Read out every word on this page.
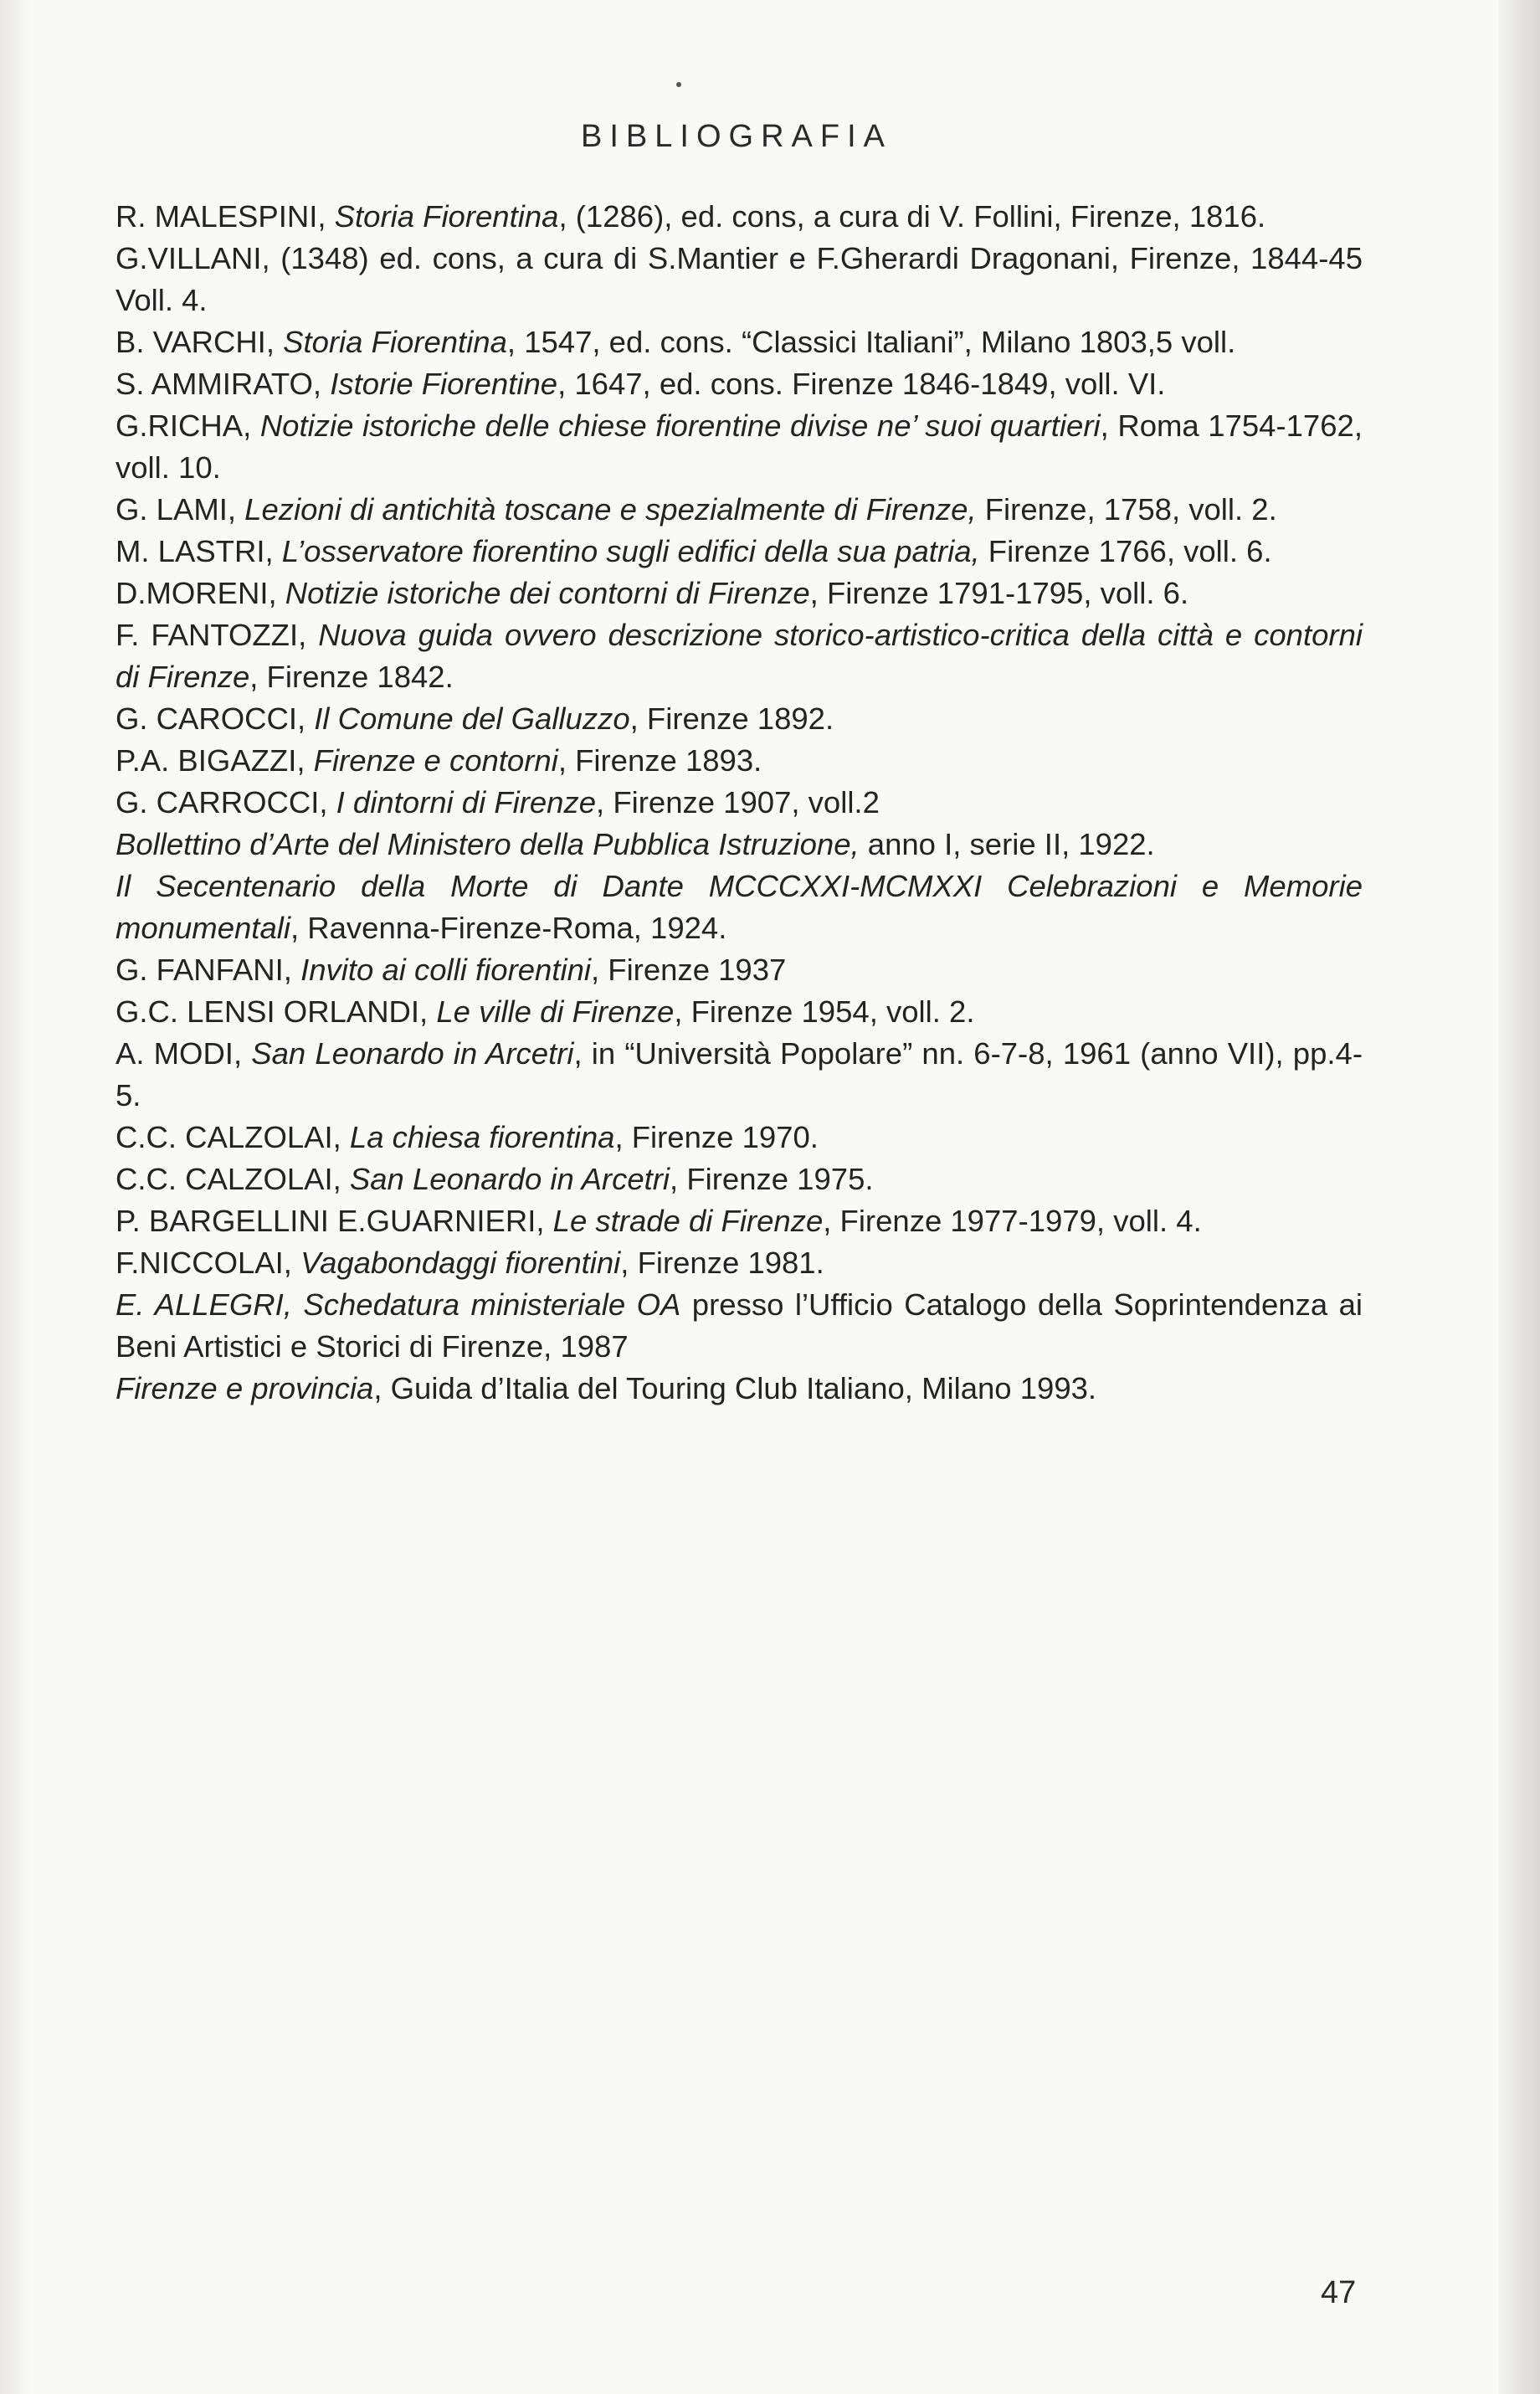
BIBLIOGRAFIA
R. MALESPINI, Storia Fiorentina, (1286), ed. cons, a cura di V. Follini, Firenze, 1816.
G.VILLANI, (1348) ed. cons, a cura di S.Mantier e F.Gherardi Dragonani, Firenze, 1844-45 Voll. 4.
B. VARCHI, Storia Fiorentina, 1547, ed. cons. “Classici Italiani”, Milano 1803,5 voll.
S. AMMIRATO, Istorie Fiorentine, 1647, ed. cons. Firenze 1846-1849, voll. VI.
G.RICHA, Notizie istoriche delle chiese fiorentine divise ne’ suoi quartieri, Roma 1754-1762, voll. 10.
G. LAMI, Lezioni di antichità toscane e spezialmente di Firenze, Firenze, 1758, voll. 2.
M. LASTRI, L’osservatore fiorentino sugli edifici della sua patria, Firenze 1766, voll. 6.
D.MORENI, Notizie istoriche dei contorni di Firenze, Firenze 1791-1795, voll. 6.
F. FANTOZZI, Nuova guida ovvero descrizione storico-artistico-critica della città e contorni di Firenze, Firenze 1842.
G. CAROCCI, Il Comune del Galluzzo, Firenze 1892.
P.A. BIGAZZI, Firenze e contorni, Firenze 1893.
G. CARROCCI, I dintorni di Firenze, Firenze 1907, voll.2
Bollettino d’Arte del Ministero della Pubblica Istruzione, anno I, serie II, 1922.
Il Secentenario della Morte di Dante MCCCXXI-MCMXXI Celebrazioni e Memorie monumentali, Ravenna-Firenze-Roma, 1924.
G. FANFANI, Invito ai colli fiorentini, Firenze 1937
G.C. LENSI ORLANDI, Le ville di Firenze, Firenze 1954, voll. 2.
A. MODI, San Leonardo in Arcetri, in “Università Popolare” nn. 6-7-8, 1961 (anno VII), pp.4-5.
C.C. CALZOLAI, La chiesa fiorentina, Firenze 1970.
C.C. CALZOLAI, San Leonardo in Arcetri, Firenze 1975.
P. BARGELLINI E.GUARNIERI, Le strade di Firenze, Firenze 1977-1979, voll. 4.
F.NICCOLAI, Vagabondaggi fiorentini, Firenze 1981.
E. ALLEGRI, Schedatura ministeriale OA presso l’Ufficio Catalogo della Soprintendenza ai Beni Artistici e Storici di Firenze, 1987
Firenze e provincia, Guida d’Italia del Touring Club Italiano, Milano 1993.
47
